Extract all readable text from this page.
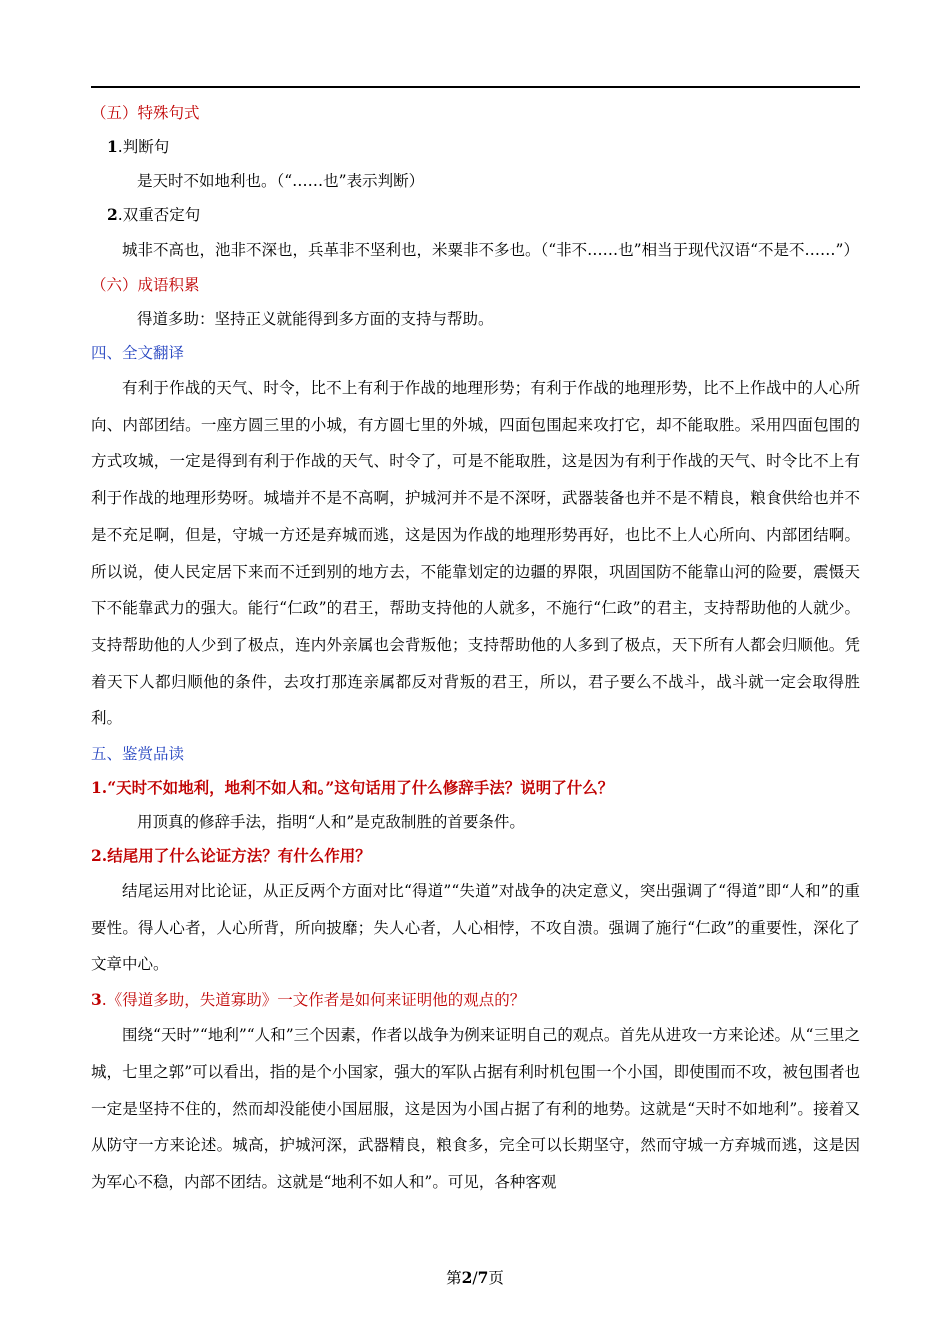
（五）特殊句式
1.判断句
是天时不如地利也。（“……也”表示判断）
2.双重否定句

城非不高也，池非不深也，兵革非不坚利也，米粟非不多也。（“非不……也”相当于现代汉语“不是不……”）

（六）成语积累
得道多助：坚持正义就能得到多方面的支持与帮助。
四、全文翻译

有利于作战的天气、时令，比不上有利于作战的地理形势；有利于作战的地理形势，比不上作战中的人心所向、内部团结。一座方圆三里的小城，有方圆七里的外城，四面包围起来攻打它，却不能取胜。采用四面包围的方式攻城，一定是得到有利于作战的天气、时令了，可是不能取胜，这是因为有利于作战的天气、时令比不上有利于作战的地理形势呀。城墙并不是不高啊，护城河并不是不深呀，武器装备也并不是不精良，粮食供给也并不是不充足啊，但是，守城一方还是弃城而逃，这是因为作战的地理形势再好，也比不上人心所向、内部团结啊。所以说，使人民定居下来而不迁到别的地方去，不能靠划定的边疆的界限，巩固国防不能靠山河的险要，震慑天下不能靠武力的强大。能行“仁政”的君王，帮助支持他的人就多，不施行“仁政”的君主，支持帮助他的人就少。支持帮助他的人少到了极点，连内外亲属也会背叛他；支持帮助他的人多到了极点，天下所有人都会归顺他。凭着天下人都归顺他的条件，去攻打那连亲属都反对背叛的君王，所以，君子要么不战斗，战斗就一定会取得胜利。

五、鉴赏品读
1.“天时不如地利，地利不如人和。”这句话用了什么修辞手法？说明了什么？
用顶真的修辞手法，指明“人和”是克敌制胜的首要条件。
2.结尾用了什么论证方法？有什么作用？

结尾运用对比论证，从正反两个方面对比“得道”“失道”对战争的决定意义，突出强调了“得道”即“人和”的重要性。得人心者，人心所背，所向披靡；失人心者，人心相悖，不攻自溃。强调了施行“仁政”的重要性，深化了文章中心。

3.《得道多助，失道寡助》一文作者是如何来证明他的观点的？

围绕“天时”“地利”“人和”三个因素，作者以战争为例来证明自己的观点。首先从进攻一方来论述。从“三里之城，七里之郭”可以看出，指的是个小国家，强大的军队占据有利时机包围一个小国，即使围而不攻，被包围者也一定是坚持不住的，然而却没能使小国屈服，这是因为小国占据了有利的地势。这就是“天时不如地利”。接着又从防守一方来论述。城高，护城河深，武器精良，粮食多，完全可以长期坚守，然而守城一方弃城而逃，这是因为军心不稳，内部不团结。这就是“地利不如人和”。可见，各种客观

第2/7页
